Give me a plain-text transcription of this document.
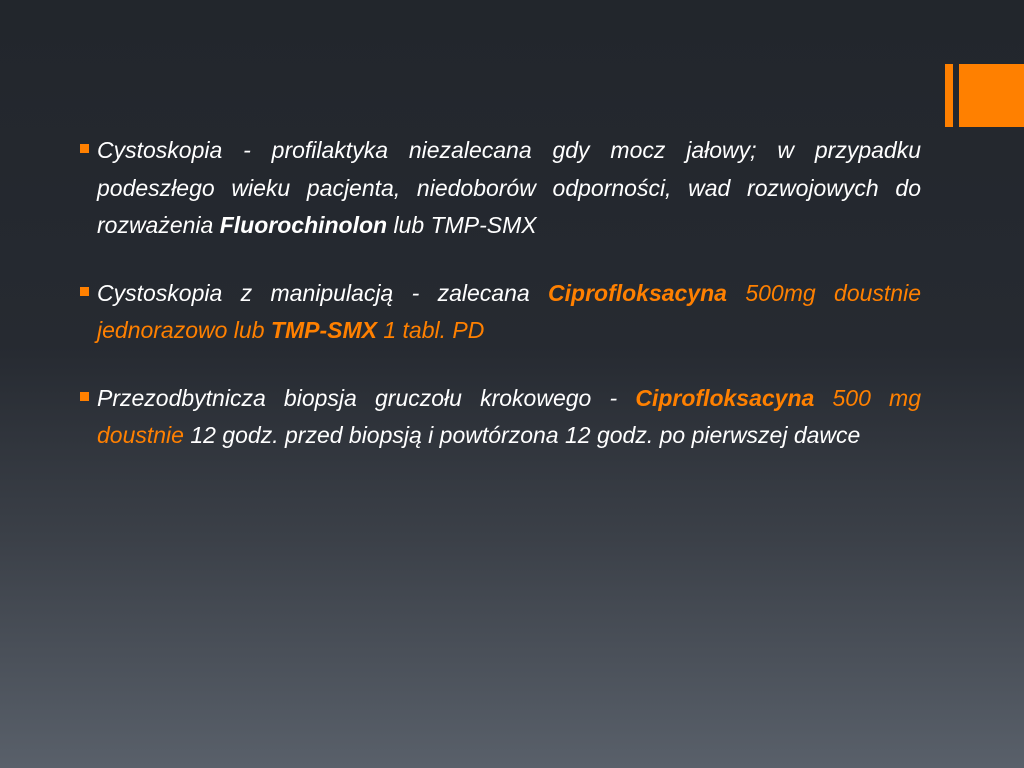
Cystoskopia - profilaktyka niezalecana gdy mocz jałowy; w przypadku podeszłego wieku pacjenta, niedoborów odporności, wad rozwojowych do rozważenia Fluorochinolon lub TMP-SMX
Cystoskopia z manipulacją - zalecana Ciprofloksacyna 500mg doustnie jednorazowo lub TMP-SMX 1 tabl. PD
Przezodbytnicza biopsja gruczołu krokowego - Ciprofloksacyna 500 mg doustnie 12 godz. przed biopsją i powtórzona 12 godz. po pierwszej dawce
